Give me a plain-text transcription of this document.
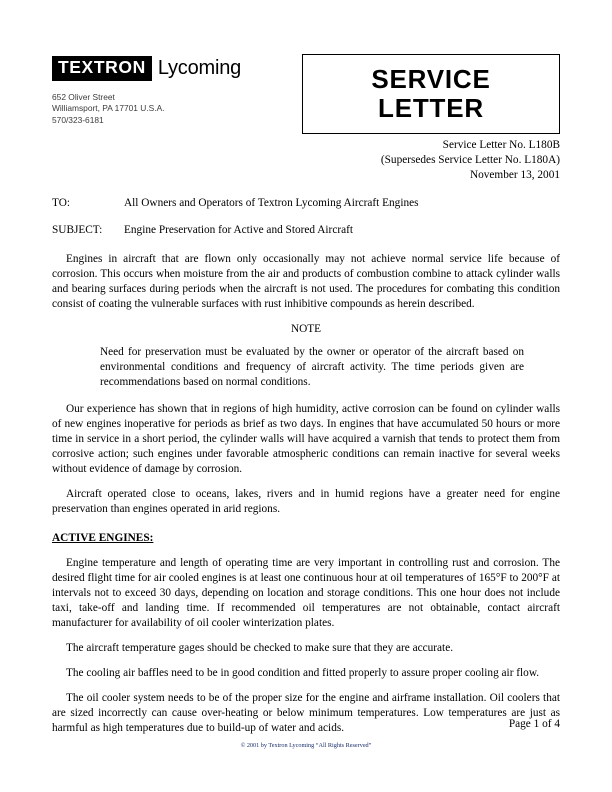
TEXTRON Lycoming
652 Oliver Street
Williamsport, PA 17701 U.S.A.
570/323-6181
SERVICE
LETTER
Service Letter No. L180B
(Supersedes Service Letter No. L180A)
November 13, 2001
TO:	All Owners and Operators of Textron Lycoming Aircraft Engines
SUBJECT:	Engine Preservation for Active and Stored Aircraft

Engines in aircraft that are flown only occasionally may not achieve normal service life because of corrosion. This occurs when moisture from the air and products of combustion combine to attack cylinder walls and bearing surfaces during periods when the aircraft is not used. The procedures for combating this condition consist of coating the vulnerable surfaces with rust inhibitive compounds as herein described.

NOTE
Need for preservation must be evaluated by the owner or operator of the aircraft based on environmental conditions and frequency of aircraft activity. The time periods given are recommendations based on normal conditions.

Our experience has shown that in regions of high humidity, active corrosion can be found on cylinder walls of new engines inoperative for periods as brief as two days. In engines that have accumulated 50 hours or more time in service in a short period, the cylinder walls will have acquired a varnish that tends to protect them from corrosive action; such engines under favorable atmospheric conditions can remain inactive for several weeks without evidence of damage by corrosion.

Aircraft operated close to oceans, lakes, rivers and in humid regions have a greater need for engine preservation than engines operated in arid regions.

ACTIVE ENGINES:

Engine temperature and length of operating time are very important in controlling rust and corrosion. The desired flight time for air cooled engines is at least one continuous hour at oil temperatures of 165°F to 200°F at intervals not to exceed 30 days, depending on location and storage conditions. This one hour does not include taxi, take-off and landing time. If recommended oil temperatures are not obtainable, contact aircraft manufacturer for availability of oil cooler winterization plates.

The aircraft temperature gages should be checked to make sure that they are accurate.

The cooling air baffles need to be in good condition and fitted properly to assure proper cooling air flow.

The oil cooler system needs to be of the proper size for the engine and airframe installation. Oil coolers that are sized incorrectly can cause over-heating or below minimum temperatures. Low temperatures are just as harmful as high temperatures due to build-up of water and acids.	Page 1 of 4
© 2001 by Textron Lycoming “All Rights Reserved”
